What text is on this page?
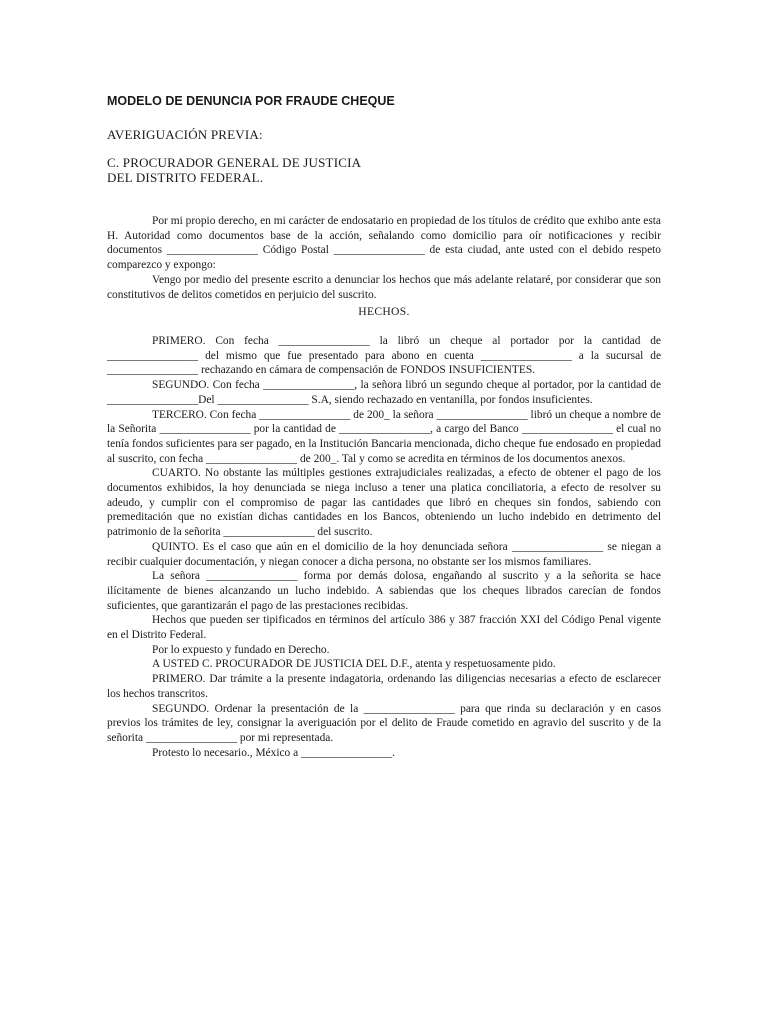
MODELO DE DENUNCIA POR FRAUDE CHEQUE
AVERIGUACIÓN PREVIA:
C. PROCURADOR GENERAL DE JUSTICIA
DEL DISTRITO FEDERAL.

Por mi propio derecho, en mi carácter de endosatario en propiedad de los títulos de crédito que exhibo ante esta H. Autoridad como documentos base de la acción, señalando como domicilio para oír notificaciones y recibir documentos ________________ Código Postal ________________ de esta ciudad, ante usted con el debido respeto comparezco y expongo:

Vengo por medio del presente escrito a denunciar los hechos que más adelante relataré, por considerar que son constitutivos de delitos cometidos en perjuicio del suscrito.

HECHOS.

PRIMERO. Con fecha ________________ la libró un cheque al portador por la cantidad de ________________ del mismo que fue presentado para abono en cuenta ________________ a la sucursal de ________________ rechazando en cámara de compensación de FONDOS INSUFICIENTES.

SEGUNDO. Con fecha ________________, la señora libró un segundo cheque al portador, por la cantidad de ________________Del ________________ S.A, siendo rechazado en ventanilla, por fondos insuficientes.

TERCERO. Con fecha ________________ de 200_ la señora ________________ libró un cheque a nombre de la Señorita ________________ por la cantidad de ________________, a cargo del Banco ________________ el cual no tenía fondos suficientes para ser pagado, en la Institución Bancaria mencionada, dicho cheque fue endosado en propiedad al suscrito, con fecha ________________ de 200_. Tal y como se acredita en términos de los documentos anexos.

CUARTO. No obstante las múltiples gestiones extrajudiciales realizadas, a efecto de obtener el pago de los documentos exhibidos, la hoy denunciada se niega incluso a tener una platica conciliatoria, a efecto de resolver su adeudo, y cumplir con el compromiso de pagar las cantidades que libró en cheques sin fondos, sabiendo con premeditación que no existían dichas cantidades en los Bancos, obteniendo un lucho indebido en detrimento del patrimonio de la señorita ________________ del suscrito.

QUINTO. Es el caso que aún en el domicilio de la hoy denunciada señora ________________ se niegan a recibir cualquier documentación, y niegan conocer a dicha persona, no obstante ser los mismos familiares.

La señora ________________ forma por demás dolosa, engañando al suscrito y a la señorita se hace ilícitamente de bienes alcanzando un lucho indebido. A sabiendas que los cheques librados carecían de fondos suficientes, que garantizarán el pago de las prestaciones recibidas.

Hechos que pueden ser tipificados en términos del artículo 386 y 387 fracción XXI del Código Penal vigente en el Distrito Federal.

Por lo expuesto y fundado en Derecho.

A USTED C. PROCURADOR DE JUSTICIA DEL D.F., atenta y respetuosamente pido.

PRIMERO. Dar trámite a la presente indagatoria, ordenando las diligencias necesarias a efecto de esclarecer los hechos transcritos.

SEGUNDO. Ordenar la presentación de la ________________ para que rinda su declaración y en casos previos los trámites de ley, consignar la averiguación por el delito de Fraude cometido en agravio del suscrito y de la señorita ________________ por mi representada.

Protesto lo necesario., México a ________________.
